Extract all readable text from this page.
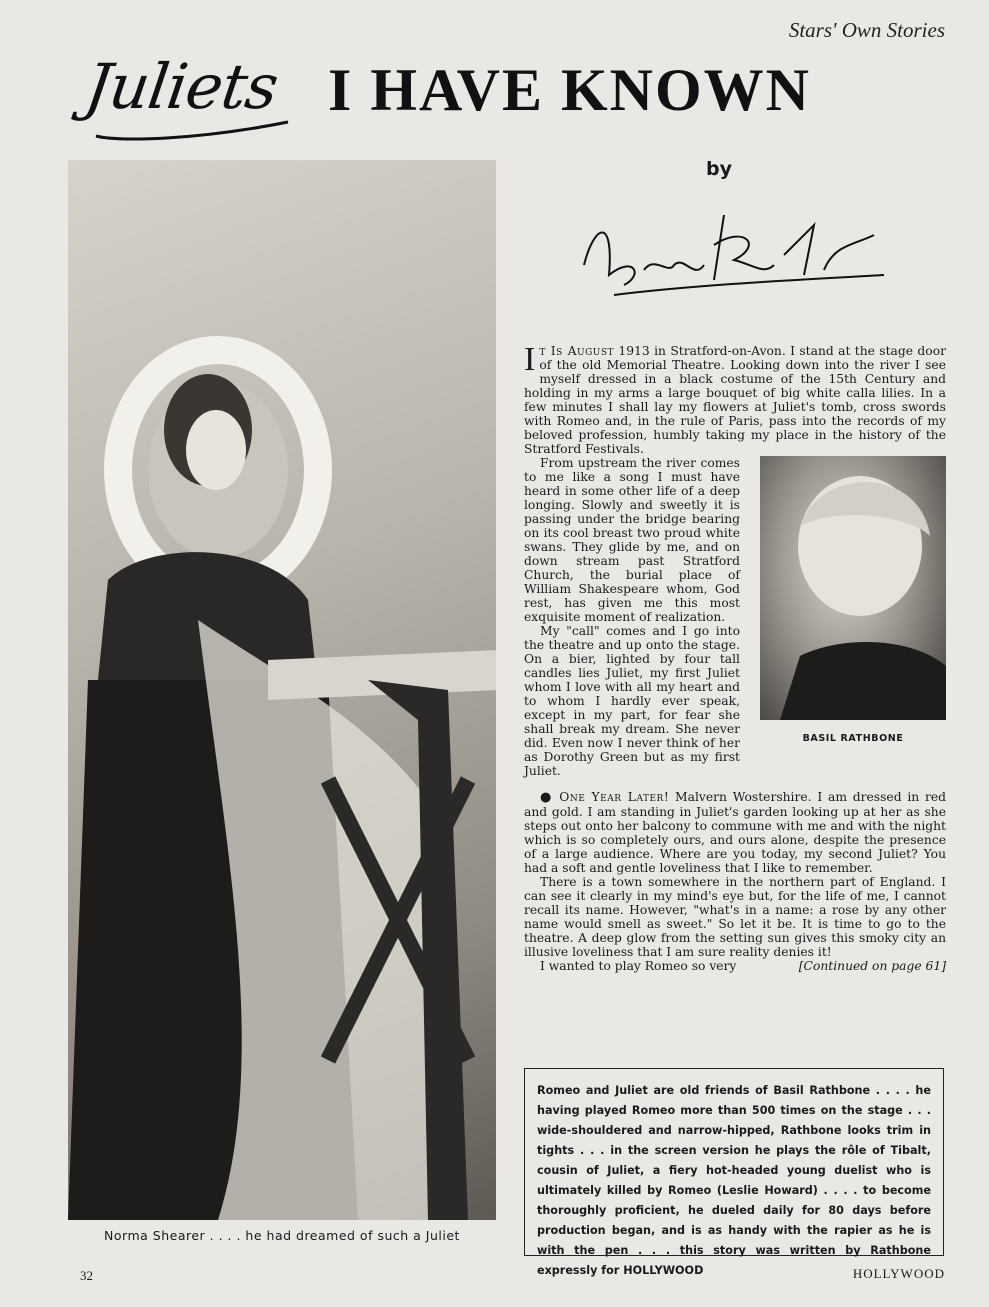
Stars' Own Stories
Juliets I HAVE KNOWN
Norma Shearer . . . . he had dreamed of such a Juliet
by

It Is August 1913 in Stratford-on-Avon. I stand at the stage door of the old Memorial Theatre. Looking down into the river I see myself dressed in a black costume of the 15th Century and holding in my arms a large bouquet of big white calla lilies. In a few minutes I shall lay my flowers at Juliet's tomb, cross swords with Romeo and, in the rule of Paris, pass into the records of my beloved profession, humbly taking my place in the history of the Stratford Festivals.

BASIL RATHBONE

From upstream the river comes to me like a song I must have heard in some other life of a deep longing. Slowly and sweetly it is passing under the bridge bearing on its cool breast two proud white swans. They glide by me, and on down stream past Stratford Church, the burial place of William Shakespeare whom, God rest, has given me this most exquisite moment of realization.

My "call" comes and I go into the theatre and up onto the stage. On a bier, lighted by four tall candles lies Juliet, my first Juliet whom I love with all my heart and to whom I hardly ever speak, except in my part, for fear she shall break my dream. She never did. Even now I never think of her as Dorothy Green but as my first Juliet.

● One Year Later! Malvern Wostershire. I am dressed in red and gold. I am standing in Juliet's garden looking up at her as she steps out onto her balcony to commune with me and with the night which is so completely ours, and ours alone, despite the presence of a large audience. Where are you today, my second Juliet? You had a soft and gentle loveliness that I like to remember.

There is a town somewhere in the northern part of England. I can see it clearly in my mind's eye but, for the life of me, I cannot recall its name. However, "what's in a name: a rose by any other name would smell as sweet." So let it be. It is time to go to the theatre. A deep glow from the setting sun gives this smoky city an illusive loveliness that I am sure reality denies it!

I wanted to play Romeo so very	[Continued on page 61]

Romeo and Juliet are old friends of Basil Rathbone . . . . he having played Romeo more than 500 times on the stage . . . wide-shouldered and narrow-hipped, Rathbone looks trim in tights . . . in the screen version he plays the rôle of Tibalt, cousin of Juliet, a fiery hot-headed young duelist who is ultimately killed by Romeo (Leslie Howard) . . . . to become thoroughly proficient, he dueled daily for 80 days before production began, and is as handy with the rapier as he is with the pen . . . this story was written by Rathbone expressly for HOLLYWOOD
32	HOLLYWOOD
